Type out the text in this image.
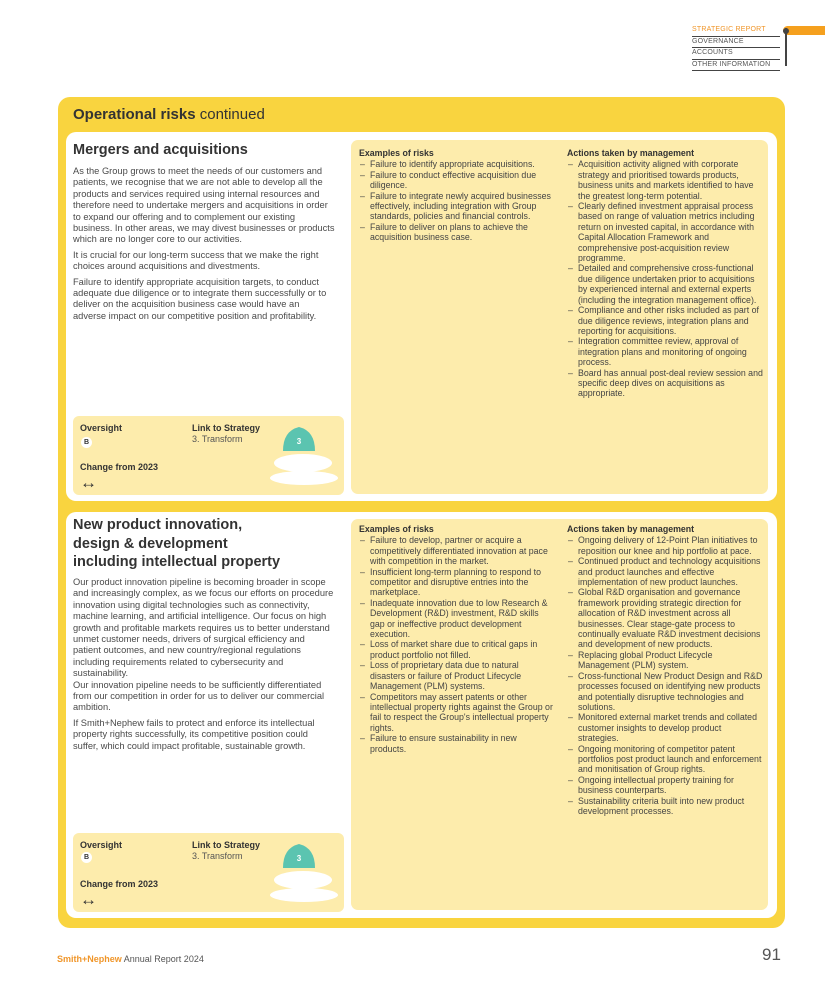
STRATEGIC REPORT
GOVERNANCE
ACCOUNTS
OTHER INFORMATION
Operational risks continued
Mergers and acquisitions

As the Group grows to meet the needs of our customers and patients, we recognise that we are not able to develop all the products and services required using internal resources and therefore need to undertake mergers and acquisitions in order to expand our offering and to complement our existing business. In other areas, we may divest businesses or products which are no longer core to our activities.

It is crucial for our long-term success that we make the right choices around acquisitions and divestments.

Failure to identify appropriate acquisition targets, to conduct adequate due diligence or to integrate them successfully or to deliver on the acquisition business case would have an adverse impact on our competitive position and profitability.

Examples of risks
– Failure to identify appropriate acquisitions.
– Failure to conduct effective acquisition due diligence.
– Failure to integrate newly acquired businesses effectively, including integration with Group standards, policies and financial controls.
– Failure to deliver on plans to achieve the acquisition business case.
Actions taken by management
– Acquisition activity aligned with corporate strategy and prioritised towards products, business units and markets identified to have the greatest long-term potential.
– Clearly defined investment appraisal process based on range of valuation metrics including return on invested capital, in accordance with Capital Allocation Framework and comprehensive post-acquisition review programme.
– Detailed and comprehensive cross-functional due diligence undertaken prior to acquisitions by experienced internal and external experts (including the integration management office).
– Compliance and other risks included as part of due diligence reviews, integration plans and reporting for acquisitions.
– Integration committee review, approval of integration plans and monitoring of ongoing process.
– Board has annual post-deal review session and specific deep dives on acquisitions as appropriate.
Oversight
B
Link to Strategy
3. Transform
Change from 2023
↔
3
New product innovation,
design & development
including intellectual property

Our product innovation pipeline is becoming broader in scope and increasingly complex, as we focus our efforts on procedure innovation using digital technologies such as connectivity, machine learning, and artificial intelligence. Our focus on high growth and profitable markets requires us to better understand unmet customer needs, drivers of surgical efficiency and patient outcomes, and new country/regional regulations including requirements related to cybersecurity and sustainability.

Our innovation pipeline needs to be sufficiently differentiated from our competition in order for us to deliver our commercial ambition.

If Smith+Nephew fails to protect and enforce its intellectual property rights successfully, its competitive position could suffer, which could impact profitable, sustainable growth.

Examples of risks
– Failure to develop, partner or acquire a competitively differentiated innovation at pace with competition in the market.
– Insufficient long-term planning to respond to competitor and disruptive entries into the marketplace.
– Inadequate innovation due to low Research & Development (R&D) investment, R&D skills gap or ineffective product development execution.
– Loss of market share due to critical gaps in product portfolio not filled.
– Loss of proprietary data due to natural disasters or failure of Product Lifecycle Management (PLM) systems.
– Competitors may assert patents or other intellectual property rights against the Group or fail to respect the Group's intellectual property rights.
– Failure to ensure sustainability in new products.
Actions taken by management
– Ongoing delivery of 12-Point Plan initiatives to reposition our knee and hip portfolio at pace.
– Continued product and technology acquisitions and product launches and effective implementation of new product launches.
– Global R&D organisation and governance framework providing strategic direction for allocation of R&D investment across all businesses. Clear stage-gate process to continually evaluate R&D investment decisions and development of new products.
– Replacing global Product Lifecycle Management (PLM) system.
– Cross-functional New Product Design and R&D processes focused on identifying new products and potentially disruptive technologies and solutions.
– Monitored external market trends and collated customer insights to develop product strategies.
– Ongoing monitoring of competitor patent portfolios post product launch and enforcement and monitisation of Group rights.
– Ongoing intellectual property training for business counterparts.
– Sustainability criteria built into new product development processes.
Oversight
B
Link to Strategy
3. Transform
Change from 2023
↔
3
Smith+Nephew Annual Report 2024	91
